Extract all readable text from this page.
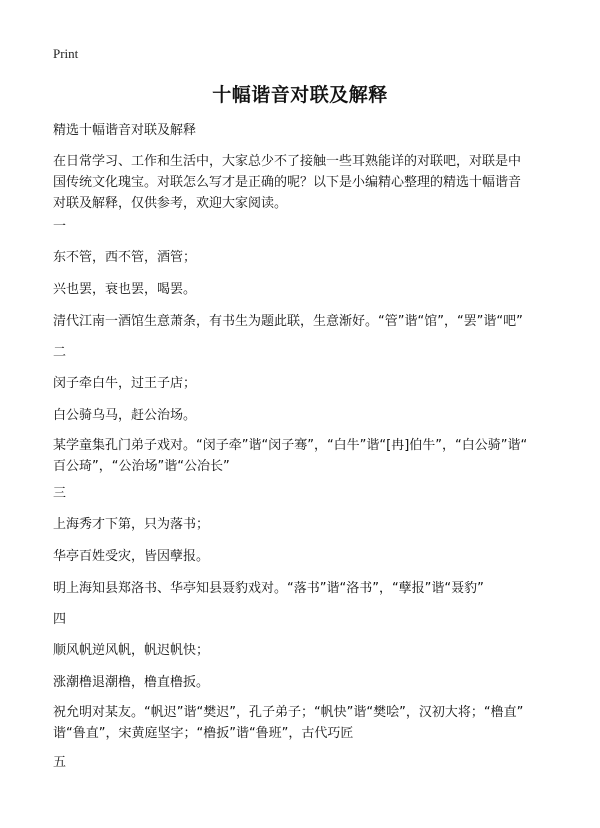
Print
十幅谐音对联及解释
精选十幅谐音对联及解释
在日常学习、工作和生活中，大家总少不了接触一些耳熟能详的对联吧，对联是中
国传统文化瑰宝。对联怎么写才是正确的呢？以下是小编精心整理的精选十幅谐音
对联及解释，仅供参考，欢迎大家阅读。
一
东不管，西不管，酒管；
兴也罢，衰也罢，喝罢。
清代江南一酒馆生意萧条，有书生为题此联，生意渐好。“管”谐“馆”，“罢”谐“吧”
二
闵子牵白牛，过王子店；
白公骑乌马，赶公治场。
某学童集孔门弟子戏对。“闵子牵”谐“闵子骞”，“白牛”谐“[冉]伯牛”，“白公骑”谐“
百公琦”，“公治场”谐“公冶长”
三
上海秀才下第，只为落书；
华亭百姓受灾，皆因孽报。
明上海知县郑洛书、华亭知县聂豹戏对。“落书”谐“洛书”，“孽报”谐“聂豹”
四
顺风帆逆风帆，帆迟帆快；
涨潮橹退潮橹，橹直橹扳。
祝允明对某友。“帆迟”谐“樊迟”，孔子弟子；“帆快”谐“樊哙”，汉初大将；“橹直”
谐“鲁直”，宋黄庭坚字；“橹扳”谐“鲁班”，古代巧匠
五
